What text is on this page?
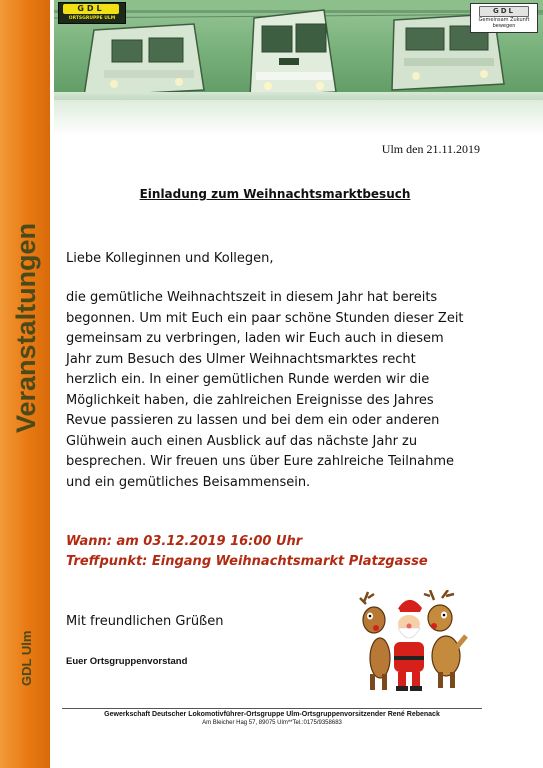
Veranstaltungen
GDL Ulm
GDL
ORTSGRUPPE ULM
GDL
Gemeinsam Zukunft
bewegen
Ulm den 21.11.2019
Einladung zum Weihnachtsmarktbesuch
Liebe Kolleginnen und Kollegen,
die gemütliche Weihnachtszeit in diesem Jahr hat bereits
begonnen. Um mit Euch ein paar schöne Stunden dieser Zeit
gemeinsam zu verbringen, laden wir Euch auch in diesem
Jahr zum Besuch des Ulmer Weihnachtsmarktes recht
herzlich ein. In einer gemütlichen Runde werden wir die
Möglichkeit haben, die zahlreichen Ereignisse des Jahres
Revue passieren zu lassen und bei dem ein oder anderen
Glühwein auch einen Ausblick auf das nächste Jahr zu
besprechen. Wir freuen uns über Eure zahlreiche Teilnahme
und ein gemütliches Beisammensein.
Wann: am 03.12.2019 16:00 Uhr
Treffpunkt: Eingang Weihnachtsmarkt Platzgasse
Mit freundlichen Grüßen
Euer Ortsgruppenvorstand
Gewerkschaft Deutscher Lokomotivführer-Ortsgruppe Ulm-Ortsgruppenvorsitzender René Rebenack
Am Bleicher Hag 57, 89075 Ulm**Tel.:0175/9358683
